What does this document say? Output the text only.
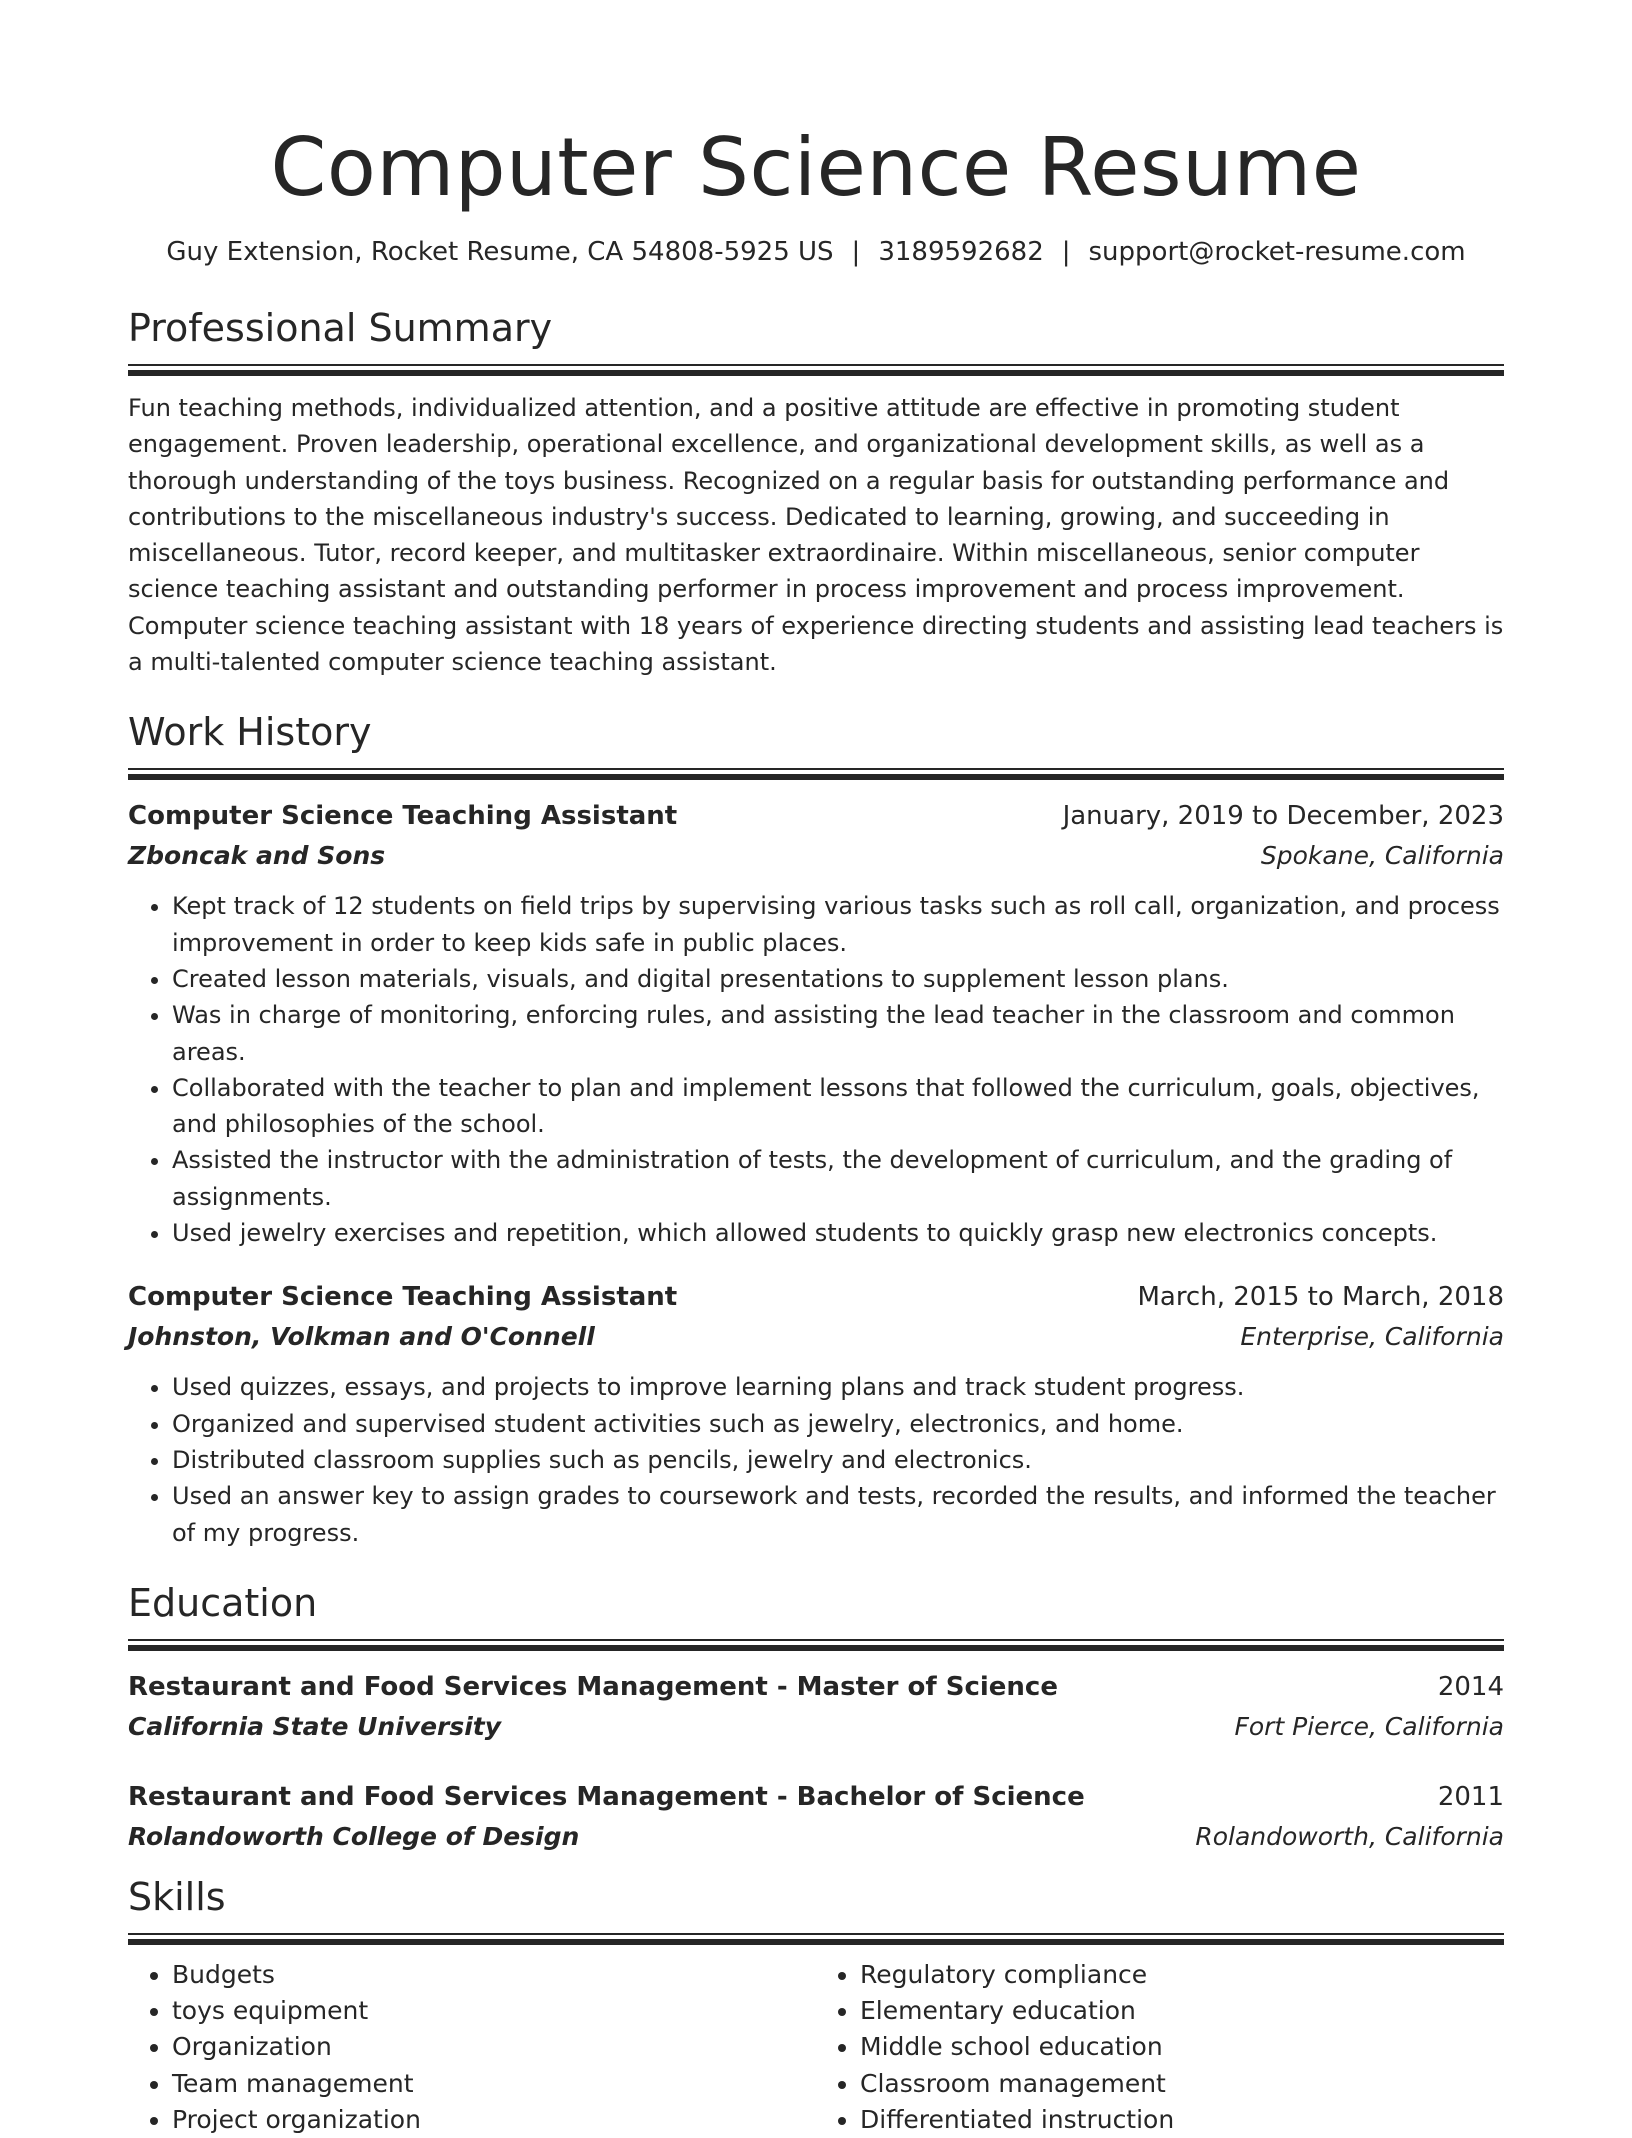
Computer Science Resume
Guy Extension, Rocket Resume, CA 54808-5925 US | 3189592682 | support@rocket-resume.com
Professional Summary
Fun teaching methods, individualized attention, and a positive attitude are effective in promoting student engagement. Proven leadership, operational excellence, and organizational development skills, as well as a thorough understanding of the toys business. Recognized on a regular basis for outstanding performance and contributions to the miscellaneous industry's success. Dedicated to learning, growing, and succeeding in miscellaneous. Tutor, record keeper, and multitasker extraordinaire. Within miscellaneous, senior computer science teaching assistant and outstanding performer in process improvement and process improvement. Computer science teaching assistant with 18 years of experience directing students and assisting lead teachers is a multi-talented computer science teaching assistant.
Work History
Computer Science Teaching Assistant	January, 2019 to December, 2023
Zboncak and Sons	Spokane, California
• Kept track of 12 students on field trips by supervising various tasks such as roll call, organization, and process improvement in order to keep kids safe in public places.
• Created lesson materials, visuals, and digital presentations to supplement lesson plans.
• Was in charge of monitoring, enforcing rules, and assisting the lead teacher in the classroom and common areas.
• Collaborated with the teacher to plan and implement lessons that followed the curriculum, goals, objectives, and philosophies of the school.
• Assisted the instructor with the administration of tests, the development of curriculum, and the grading of assignments.
• Used jewelry exercises and repetition, which allowed students to quickly grasp new electronics concepts.
Computer Science Teaching Assistant	March, 2015 to March, 2018
Johnston, Volkman and O'Connell	Enterprise, California
• Used quizzes, essays, and projects to improve learning plans and track student progress.
• Organized and supervised student activities such as jewelry, electronics, and home.
• Distributed classroom supplies such as pencils, jewelry and electronics.
• Used an answer key to assign grades to coursework and tests, recorded the results, and informed the teacher of my progress.
Education
Restaurant and Food Services Management - Master of Science	2014
California State University	Fort Pierce, California
Restaurant and Food Services Management - Bachelor of Science	2011
Rolandoworth College of Design	Rolandoworth, California
Skills
• Budgets
• toys equipment
• Organization
• Team management
• Project organization
• Regulatory compliance
• Elementary education
• Middle school education
• Classroom management
• Differentiated instruction
